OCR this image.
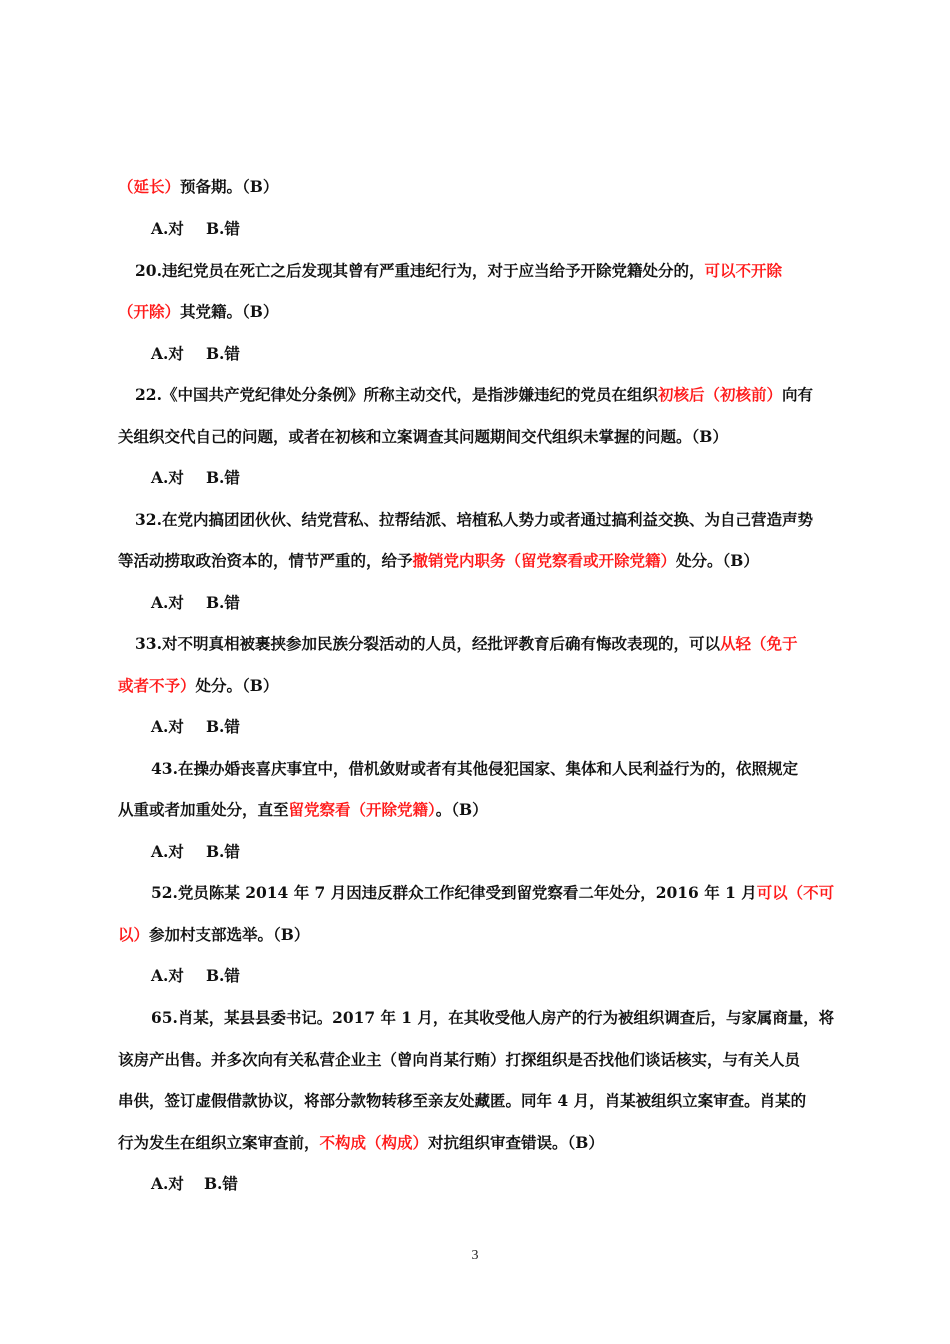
（延长）预备期。（B）
A.对 B.错
20.违纪党员在死亡之后发现其曾有严重违纪行为，对于应当给予开除党籍处分的，可以不开除
（开除）其党籍。（B）
A.对 B.错
22.《中国共产党纪律处分条例》所称主动交代，是指涉嫌违纪的党员在组织初核后（初核前）向有
关组织交代自己的问题，或者在初核和立案调查其问题期间交代组织未掌握的问题。（B）
A.对 B.错
32.在党内搞团团伙伙、结党营私、拉帮结派、培植私人势力或者通过搞利益交换、为自己营造声势
等活动捞取政治资本的，情节严重的，给予撤销党内职务（留党察看或开除党籍）处分。（B）
A.对 B.错
33.对不明真相被裹挟参加民族分裂活动的人员，经批评教育后确有悔改表现的，可以从轻（免于
或者不予）处分。（B）
A.对 B.错
43.在操办婚丧喜庆事宜中，借机敛财或者有其他侵犯国家、集体和人民利益行为的，依照规定
从重或者加重处分，直至留党察看（开除党籍）。（B）
A.对 B.错
52.党员陈某 2014 年 7 月因违反群众工作纪律受到留党察看二年处分，2016 年 1 月可以（不可
以）参加村支部选举。（B）
A.对 B.错
65.肖某，某县县委书记。2017 年 1 月，在其收受他人房产的行为被组织调查后，与家属商量，将
该房产出售。并多次向有关私营企业主（曾向肖某行贿）打探组织是否找他们谈话核实，与有关人员
串供，签订虚假借款协议，将部分款物转移至亲友处藏匿。同年 4 月，肖某被组织立案审查。肖某的
行为发生在组织立案审查前，不构成（构成）对抗组织审查错误。（B）
A.对 B.错
3
